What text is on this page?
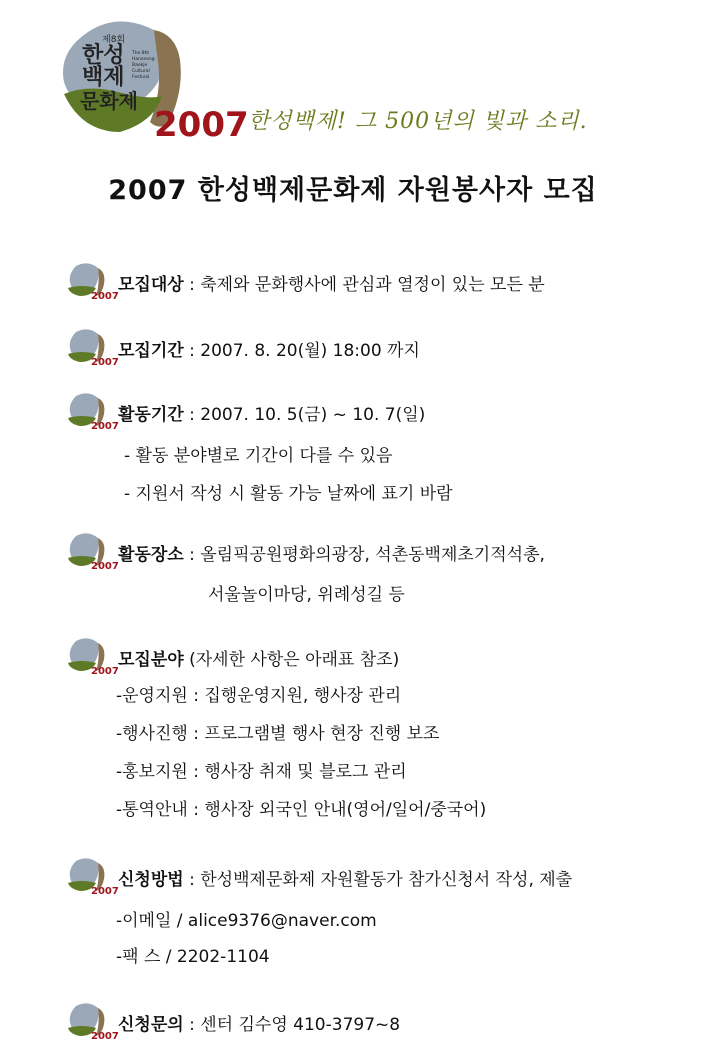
제8회
한성
백제
문화제
The 8th
Hanseong
Baekje
Cultural
Festival
2007 한성백제! 그 500년의 빛과 소리.
2007 한성백제문화제 자원봉사자 모집
2007
모집대상 : 축제와 문화행사에 관심과 열정이 있는 모든 분
2007
모집기간 : 2007. 8. 20(월) 18:00 까지
2007
활동기간 : 2007. 10. 5(금) ~ 10. 7(일)
- 활동 분야별로 기간이 다를 수 있음
- 지원서 작성 시 활동 가능 날짜에 표기 바람
2007
활동장소 : 올림픽공원평화의광장, 석촌동백제초기적석총,
서울놀이마당, 위례성길 등
2007
모집분야 (자세한 사항은 아래표 참조)
-운영지원 : 집행운영지원, 행사장 관리
-행사진행 : 프로그램별 행사 현장 진행 보조
-홍보지원 : 행사장 취재 및 블로그 관리
-통역안내 : 행사장 외국인 안내(영어/일어/중국어)
2007
신청방법 : 한성백제문화제 자원활동가 참가신청서 작성, 제출
-이메일 / alice9376@naver.com
-팩 스 / 2202-1104
2007
신청문의 : 센터 김수영 410-3797~8
